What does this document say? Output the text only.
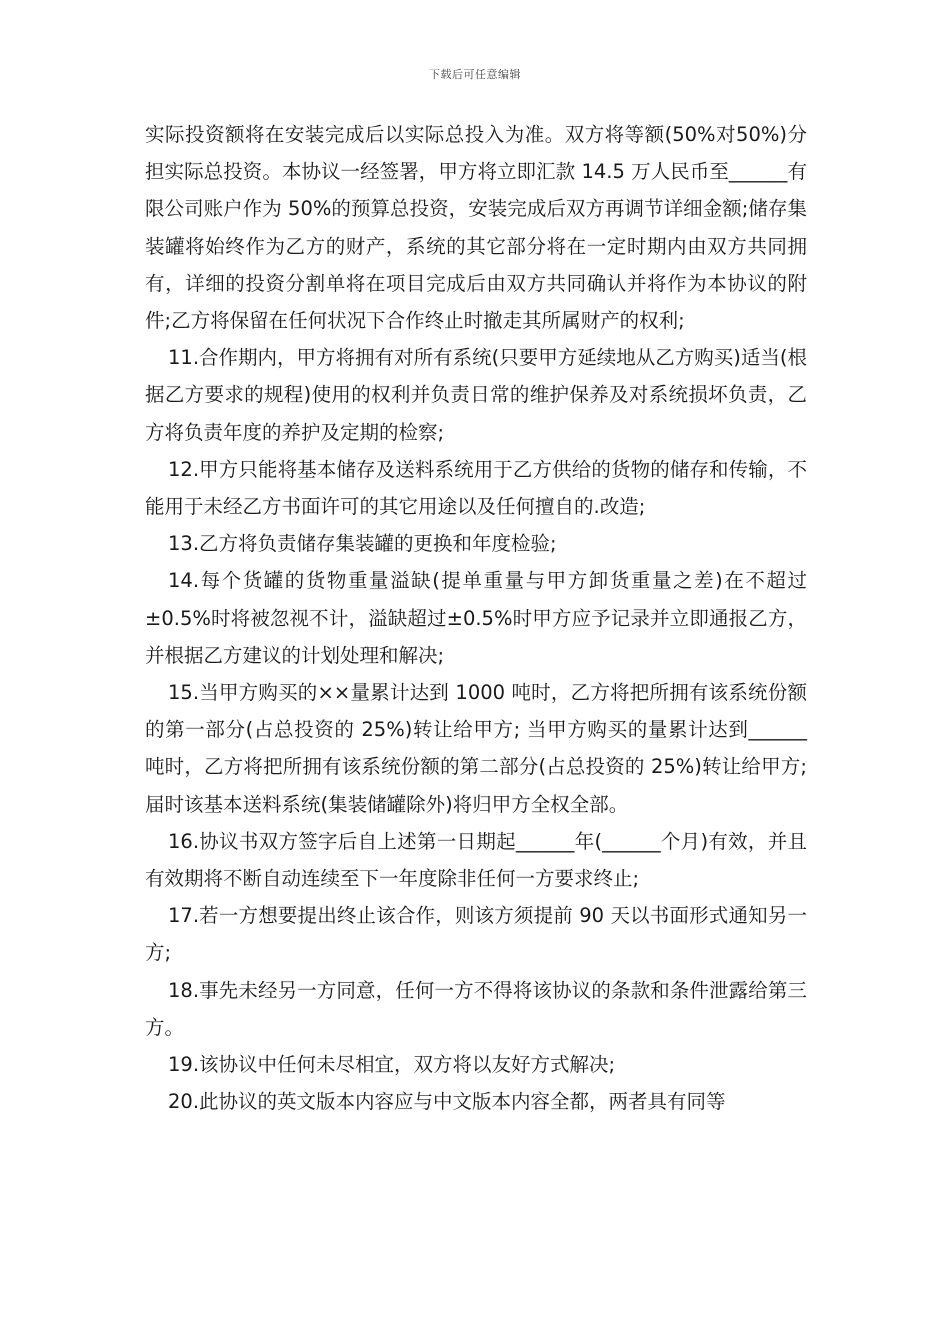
下载后可任意编辑

实际投资额将在安装完成后以实际总投入为准。双方将等额(50%对50%)分担实际总投资。本协议一经签署，甲方将立即汇款 14.5 万人民币至______有限公司账户作为 50%的预算总投资，安装完成后双方再调节详细金额;储存集装罐将始终作为乙方的财产，系统的其它部分将在一定时期内由双方共同拥有，详细的投资分割单将在项目完成后由双方共同确认并将作为本协议的附件;乙方将保留在任何状况下合作终止时撤走其所属财产的权利;

11.合作期内，甲方将拥有对所有系统(只要甲方延续地从乙方购买)适当(根据乙方要求的规程)使用的权利并负责日常的维护保养及对系统损坏负责，乙方将负责年度的养护及定期的检察;

12.甲方只能将基本储存及送料系统用于乙方供给的货物的储存和传输，不能用于未经乙方书面许可的其它用途以及任何擅自的.改造;

13.乙方将负责储存集装罐的更换和年度检验;

14.每个货罐的货物重量溢缺(提单重量与甲方卸货重量之差)在不超过±0.5%时将被忽视不计，溢缺超过±0.5%时甲方应予记录并立即通报乙方，并根据乙方建议的计划处理和解决;

15.当甲方购买的××量累计达到 1000 吨时，乙方将把所拥有该系统份额的第一部分(占总投资的 25%)转让给甲方; 当甲方购买的量累计达到______吨时，乙方将把所拥有该系统份额的第二部分(占总投资的 25%)转让给甲方;届时该基本送料系统(集装储罐除外)将归甲方全权全部。

16.协议书双方签字后自上述第一日期起______年(______个月)有效，并且有效期将不断自动连续至下一年度除非任何一方要求终止;

17.若一方想要提出终止该合作，则该方须提前 90 天以书面形式通知另一方;

18.事先未经另一方同意，任何一方不得将该协议的条款和条件泄露给第三方。

19.该协议中任何未尽相宜，双方将以友好方式解决;

20.此协议的英文版本内容应与中文版本内容全都，两者具有同等
